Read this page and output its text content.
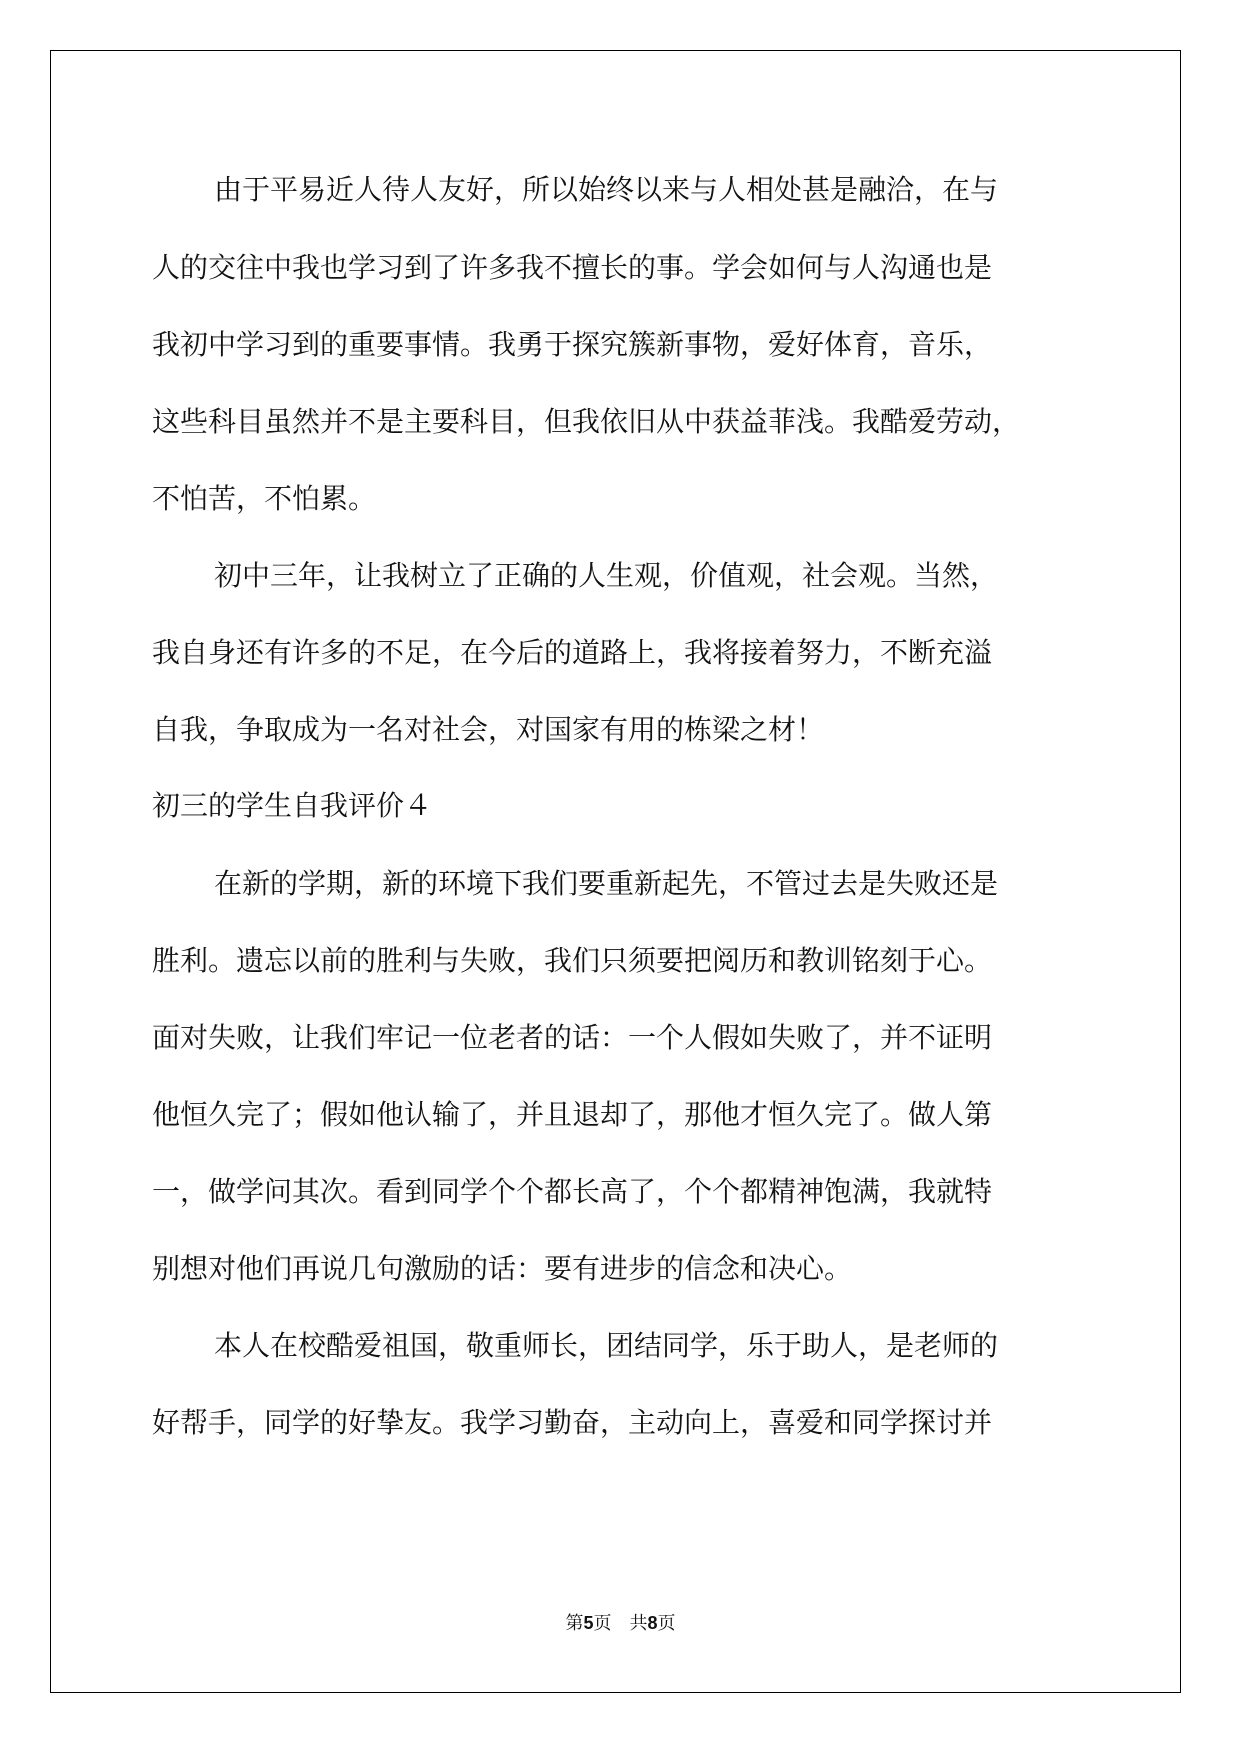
由于平易近人待人友好，所以始终以来与人相处甚是融洽，在与

人的交往中我也学习到了许多我不擅长的事。学会如何与人沟通也是

我初中学习到的重要事情。我勇于探究簇新事物，爱好体育，音乐，

这些科目虽然并不是主要科目，但我依旧从中获益菲浅。我酷爱劳动，

不怕苦，不怕累。

初中三年，让我树立了正确的人生观，价值观，社会观。当然，

我自身还有许多的不足，在今后的道路上，我将接着努力，不断充溢

自我，争取成为一名对社会，对国家有用的栋梁之材！

初三的学生自我评价４

在新的学期，新的环境下我们要重新起先，不管过去是失败还是

胜利。遗忘以前的胜利与失败，我们只须要把阅历和教训铭刻于心。

面对失败，让我们牢记一位老者的话：一个人假如失败了，并不证明

他恒久完了；假如他认输了，并且退却了，那他才恒久完了。做人第

一，做学问其次。看到同学个个都长高了，个个都精神饱满，我就特

别想对他们再说几句激励的话：要有进步的信念和决心。

本人在校酷爱祖国，敬重师长，团结同学，乐于助人，是老师的

好帮手，同学的好挚友。我学习勤奋，主动向上，喜爱和同学探讨并

第5页　共8页
